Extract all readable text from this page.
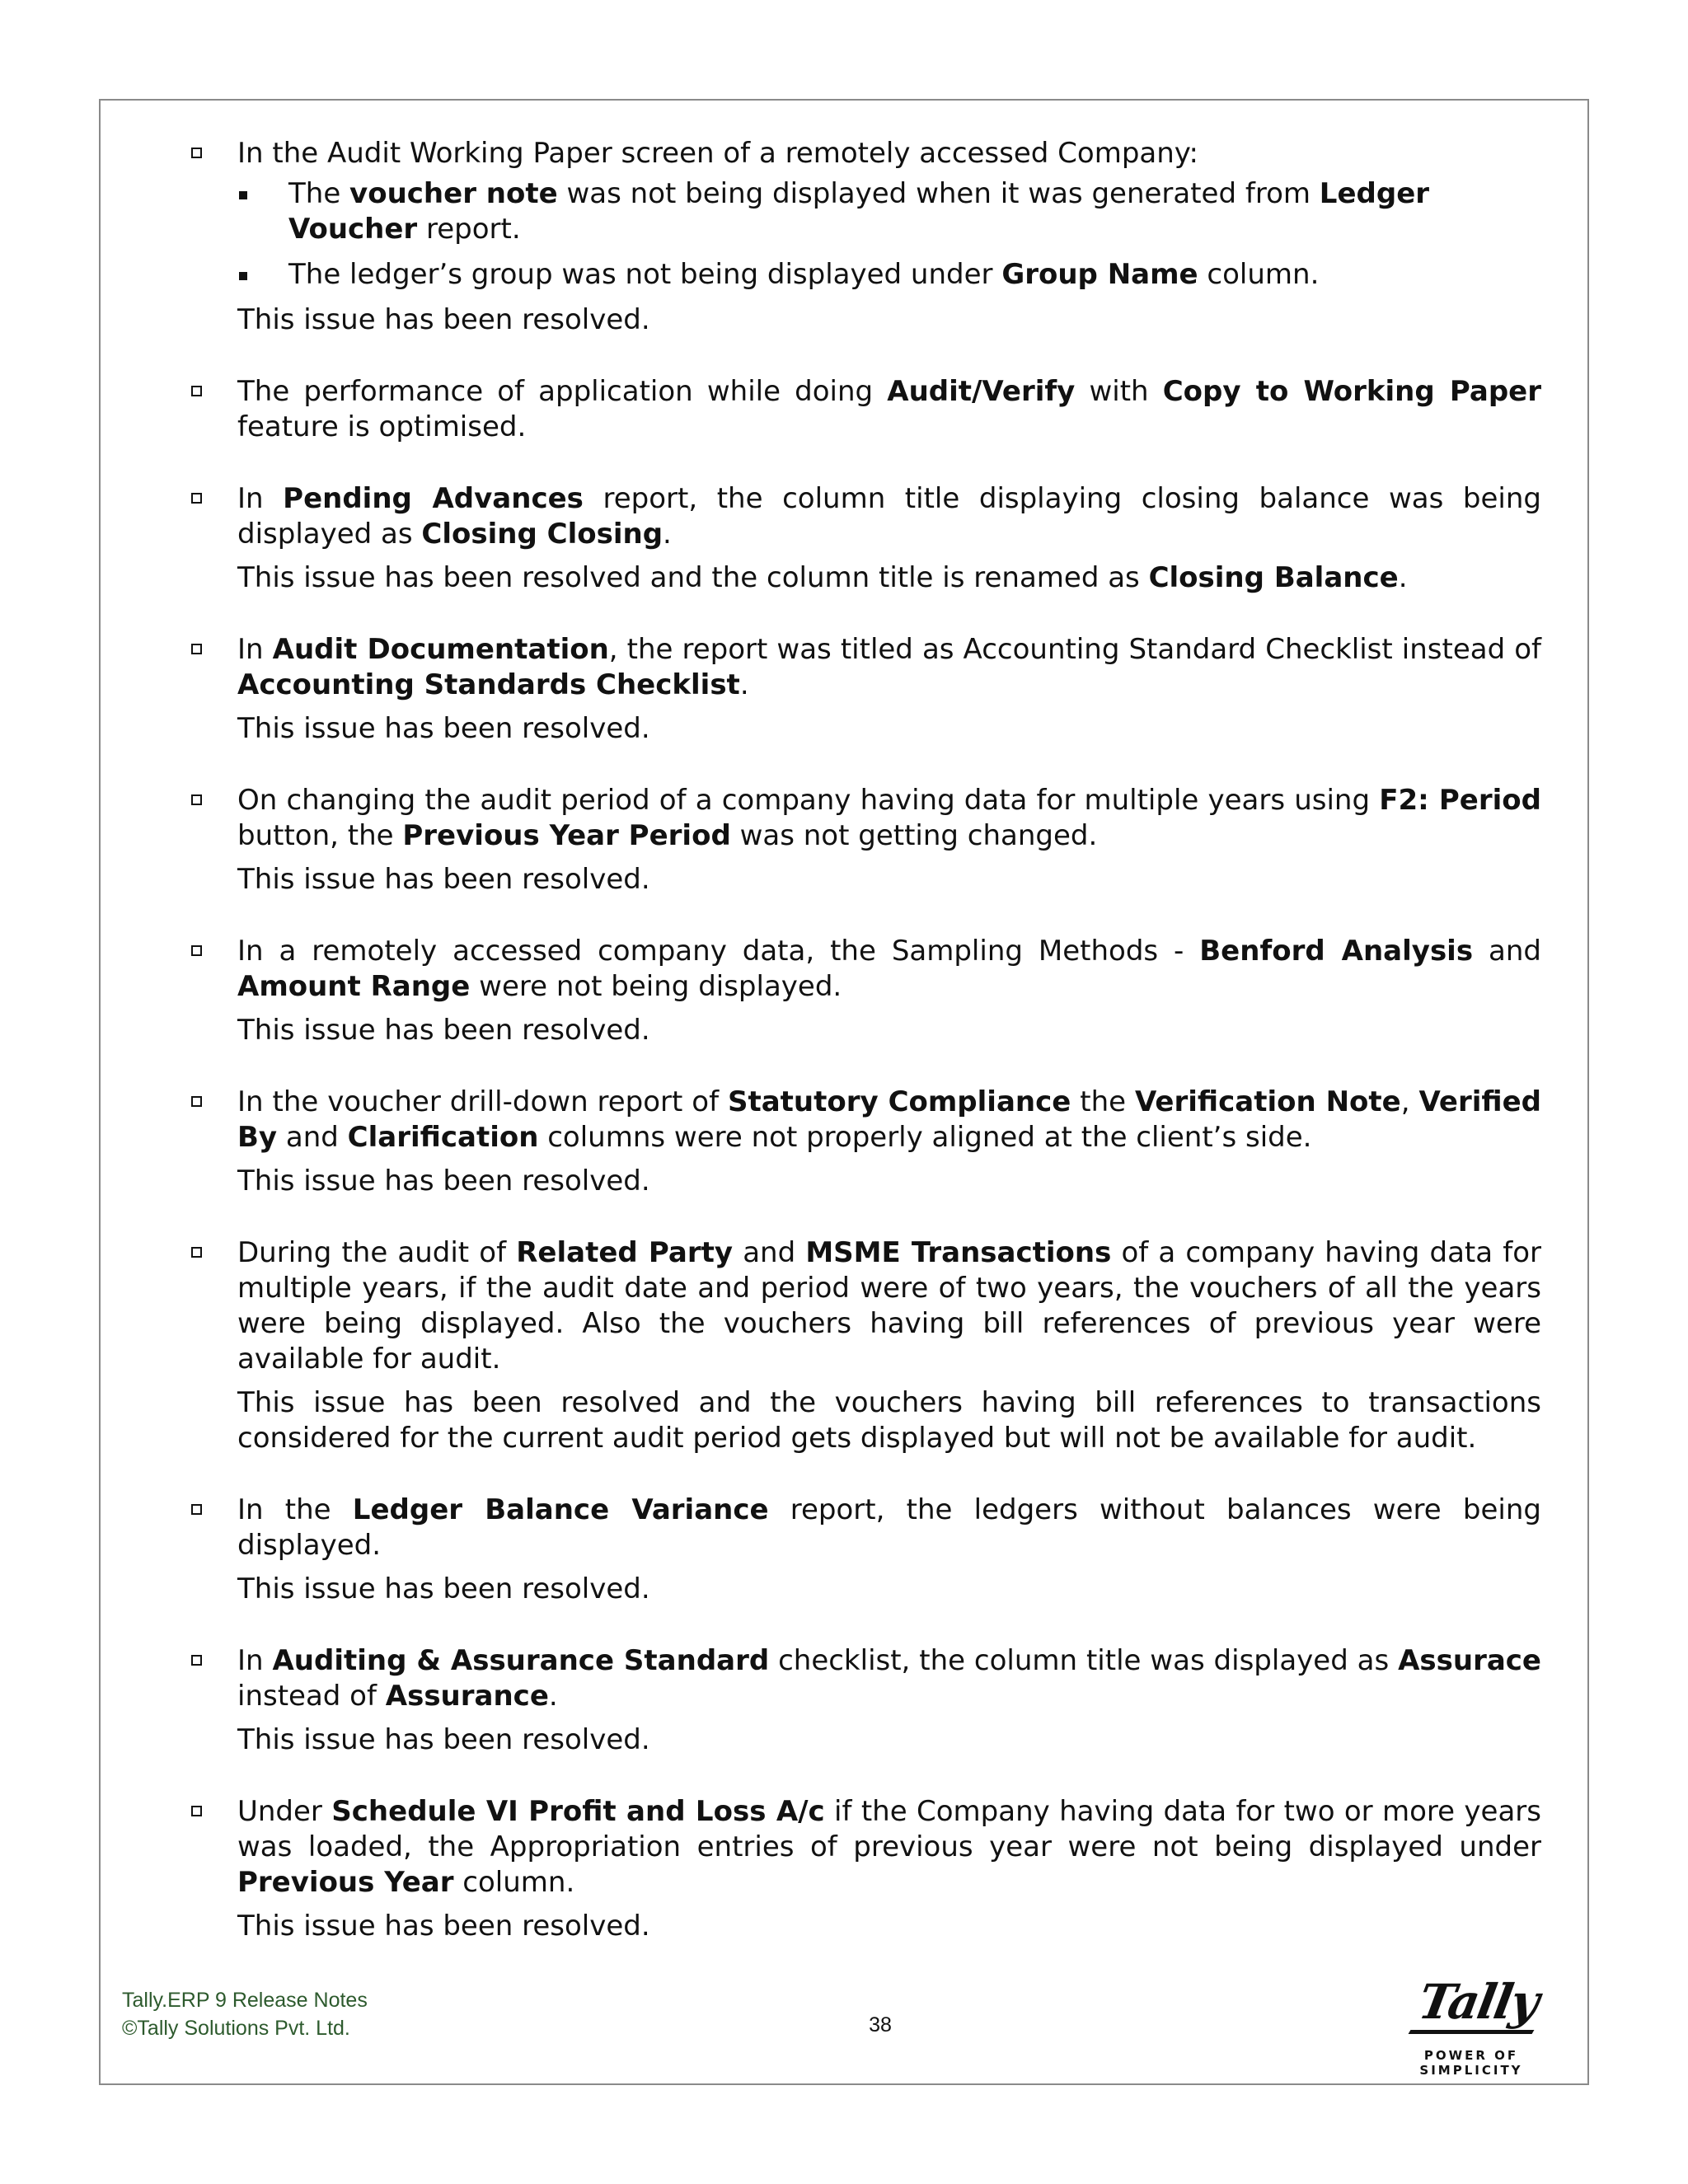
In the Audit Working Paper screen of a remotely accessed Company:
The voucher note was not being displayed when it was generated from Ledger Voucher report.
The ledger’s group was not being displayed under Group Name column.
This issue has been resolved.
The performance of application while doing Audit/Verify with Copy to Working Paper feature is optimised.
In Pending Advances report, the column title displaying closing balance was being displayed as Closing Closing.
This issue has been resolved and the column title is renamed as Closing Balance.
In Audit Documentation, the report was titled as Accounting Standard Checklist instead of Accounting Standards Checklist.
This issue has been resolved.
On changing the audit period of a company having data for multiple years using F2: Period button, the Previous Year Period was not getting changed.
This issue has been resolved.
In a remotely accessed company data, the Sampling Methods - Benford Analysis and Amount Range were not being displayed.
This issue has been resolved.
In the voucher drill-down report of Statutory Compliance the Verification Note, Verified By and Clarification columns were not properly aligned at the client’s side.
This issue has been resolved.
During the audit of Related Party and MSME Transactions of a company having data for multiple years, if the audit date and period were of two years, the vouchers of all the years were being displayed. Also the vouchers having bill references of previous year were available for audit.
This issue has been resolved and the vouchers having bill references to transactions considered for the current audit period gets displayed but will not be available for audit.
In the Ledger Balance Variance report, the ledgers without balances were being displayed.
This issue has been resolved.
In Auditing & Assurance Standard checklist, the column title was displayed as Assurace instead of Assurance.
This issue has been resolved.
Under Schedule VI Profit and Loss A/c if the Company having data for two or more years was loaded, the Appropriation entries of previous year were not being displayed under Previous Year column.
This issue has been resolved.
Tally.ERP 9 Release Notes
©Tally Solutions Pvt. Ltd.	38	Tally
POWER OF SIMPLICITY
